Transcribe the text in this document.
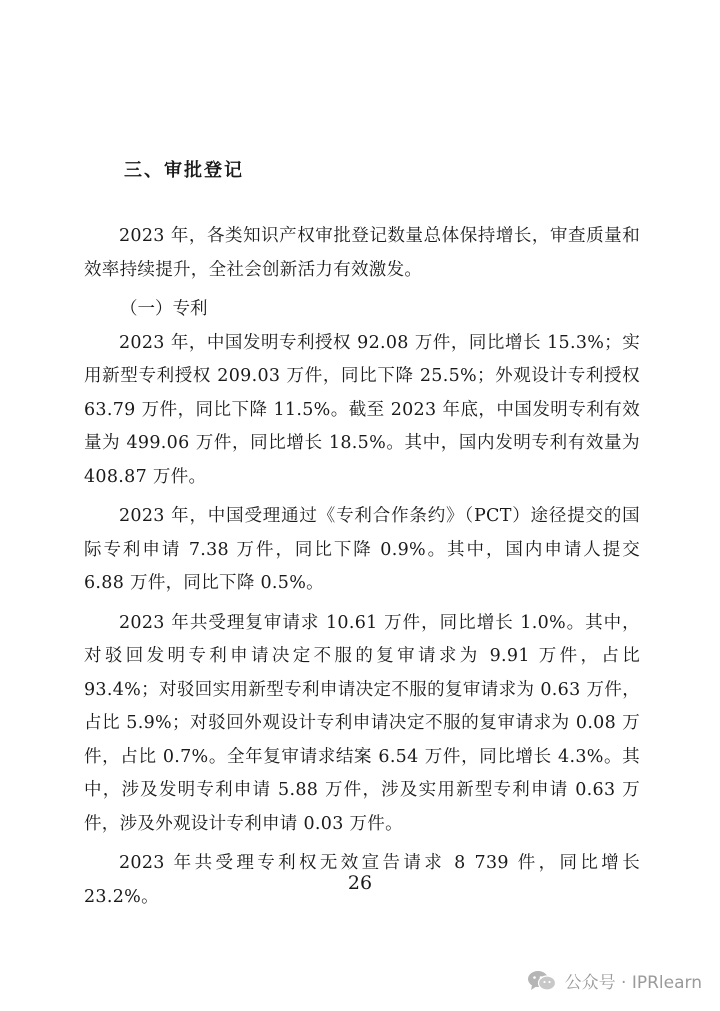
三、审批登记

2023 年，各类知识产权审批登记数量总体保持增长，审查质量和效率持续提升，全社会创新活力有效激发。

（一）专利

2023 年，中国发明专利授权 92.08 万件，同比增长 15.3%；实用新型专利授权 209.03 万件，同比下降 25.5%；外观设计专利授权 63.79 万件，同比下降 11.5%。截至 2023 年底，中国发明专利有效量为 499.06 万件，同比增长 18.5%。其中，国内发明专利有效量为 408.87 万件。

2023 年，中国受理通过《专利合作条约》（PCT）途径提交的国际专利申请 7.38 万件，同比下降 0.9%。其中，国内申请人提交 6.88 万件，同比下降 0.5%。

2023 年共受理复审请求 10.61 万件，同比增长 1.0%。其中，对驳回发明专利申请决定不服的复审请求为 9.91 万件，占比 93.4%；对驳回实用新型专利申请决定不服的复审请求为 0.63 万件，占比 5.9%；对驳回外观设计专利申请决定不服的复审请求为 0.08 万件，占比 0.7%。全年复审请求结案 6.54 万件，同比增长 4.3%。其中，涉及发明专利申请 5.88 万件，涉及实用新型专利申请 0.63 万件，涉及外观设计专利申请 0.03 万件。

2023 年共受理专利权无效宣告请求 8 739 件，同比增长 23.2%。

26
公众号 · IPRlearn
